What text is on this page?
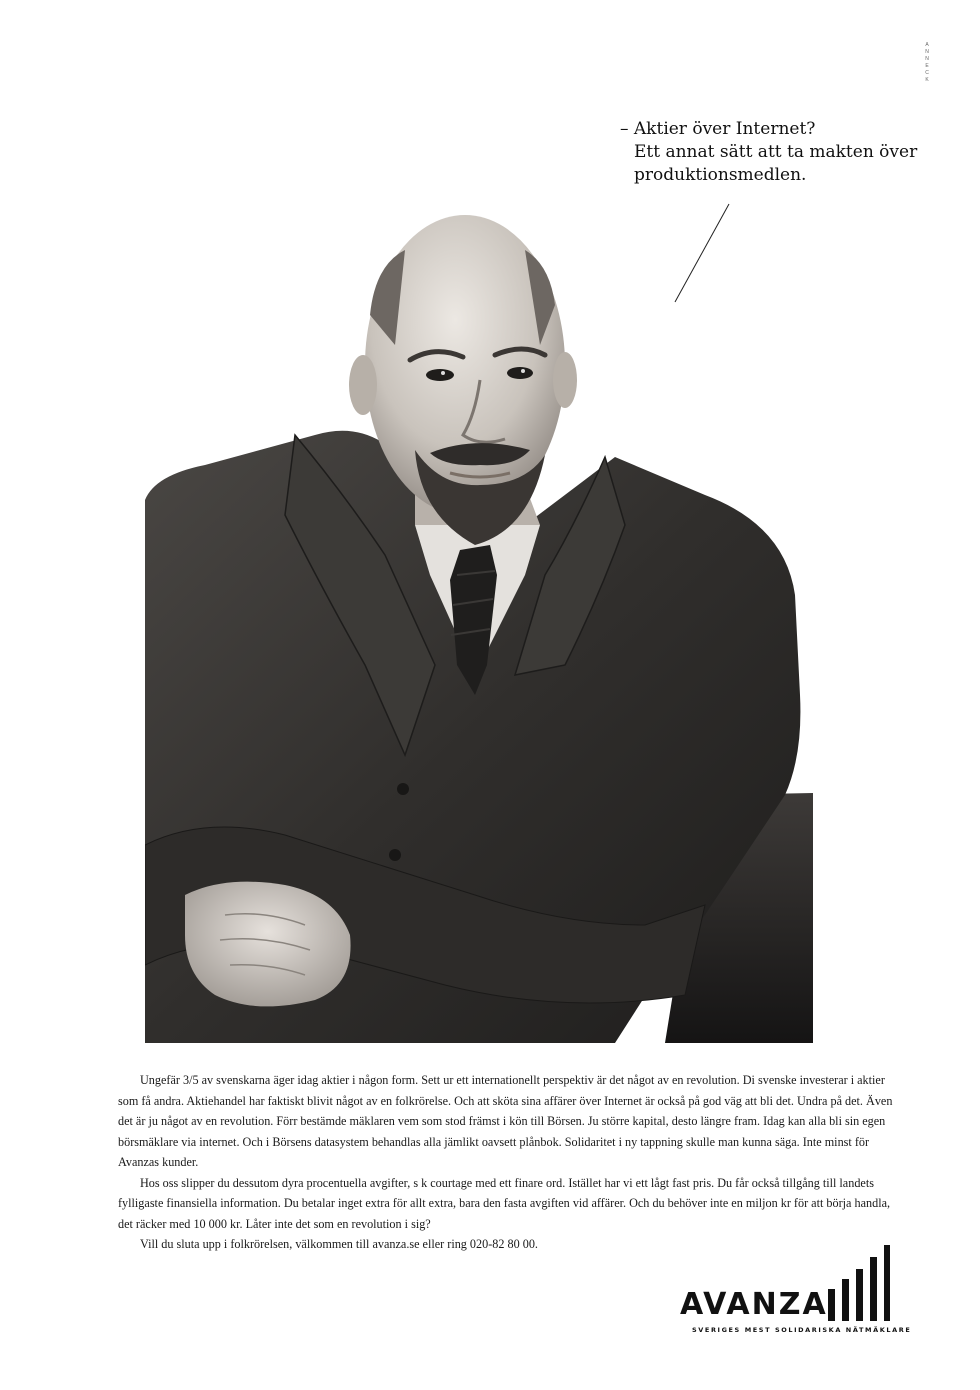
ANNECK
– Aktier över Internet?
Ett annat sätt att ta makten över
produktionsmedlen.

Ungefär 3/5 av svenskarna äger idag aktier i någon form. Sett ur ett internationellt perspektiv är det något av en revolution. Di svenske investerar i aktier som få andra. Aktiehandel har faktiskt blivit något av en folkrörelse. Och att sköta sina affärer över Internet är också på god väg att bli det. Undra på det. Även det är ju något av en revolution. Förr bestämde mäklaren vem som stod främst i kön till Börsen. Ju större kapital, desto längre fram. Idag kan alla bli sin egen börsmäklare via internet. Och i Börsens datasystem behandlas alla jämlikt oavsett plånbok. Solidaritet i ny tappning skulle man kunna säga. Inte minst för Avanzas kunder.

Hos oss slipper du dessutom dyra procentuella avgifter, s k courtage med ett finare ord. Istället har vi ett lågt fast pris. Du får också tillgång till landets fylligaste finansiella information. Du betalar inget extra för allt extra, bara den fasta avgiften vid affärer. Och du behöver inte en miljon kr för att börja handla, det räcker med 10 000 kr. Låter inte det som en revolution i sig?

Vill du sluta upp i folkrörelsen, välkommen till avanza.se eller ring 020-82 80 00.

AVANZA
SVERIGES MEST SOLIDARISKA NÄTMÄKLARE
